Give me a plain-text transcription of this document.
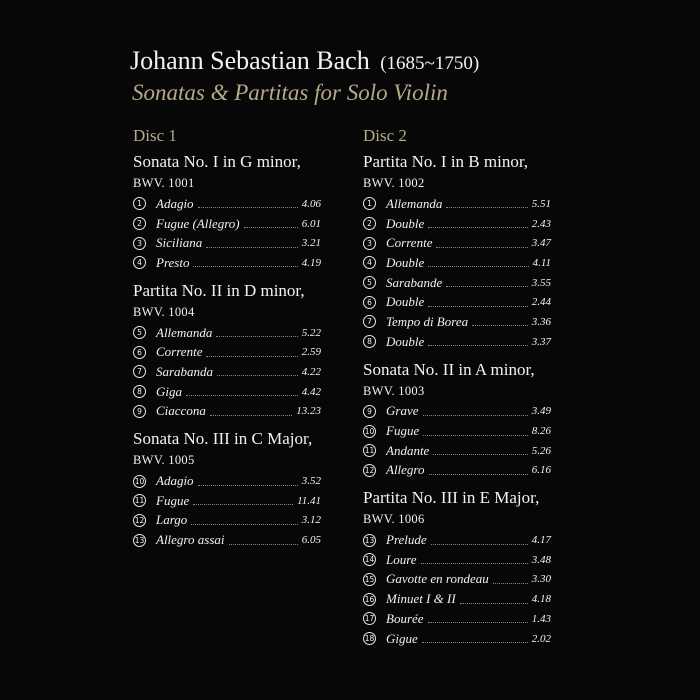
Johann Sebastian Bach (1685~1750)
Sonatas & Partitas for Solo Violin
Disc 1
Sonata No. I in G minor,
BWV. 1001
1	Adagio	4.06
2	Fugue (Allegro)	6.01
3	Siciliana	3.21
4	Presto	4.19
Partita No. II in D minor,
BWV. 1004
5	Allemanda	5.22
6	Corrente	2.59
7	Sarabanda	4.22
8	Giga	4.42
9	Ciaccona	13.23
Sonata No. III in C Major,
BWV. 1005
10 Adagio	3.52
11 Fugue	11.41
12 Largo	3.12
13 Allegro assai	6.05
Disc 2
Partita No. I in B minor,
BWV. 1002
1	Allemanda	5.51
2	Double	2.43
3	Corrente	3.47
4	Double	4.11
5	Sarabande	3.55
6	Double	2.44
7	Tempo di Borea	3.36
8	Double	3.37
Sonata No. II in A minor,
BWV. 1003
9	Grave	3.49
10 Fugue	8.26
11 Andante	5.26
12 Allegro	6.16
Partita No. III in E Major,
BWV. 1006
13 Prelude	4.17
14 Loure	3.48
15 Gavotte en rondeau	3.30
16 Minuet I & II	4.18
17 Bourée	1.43
18 Gigue	2.02
